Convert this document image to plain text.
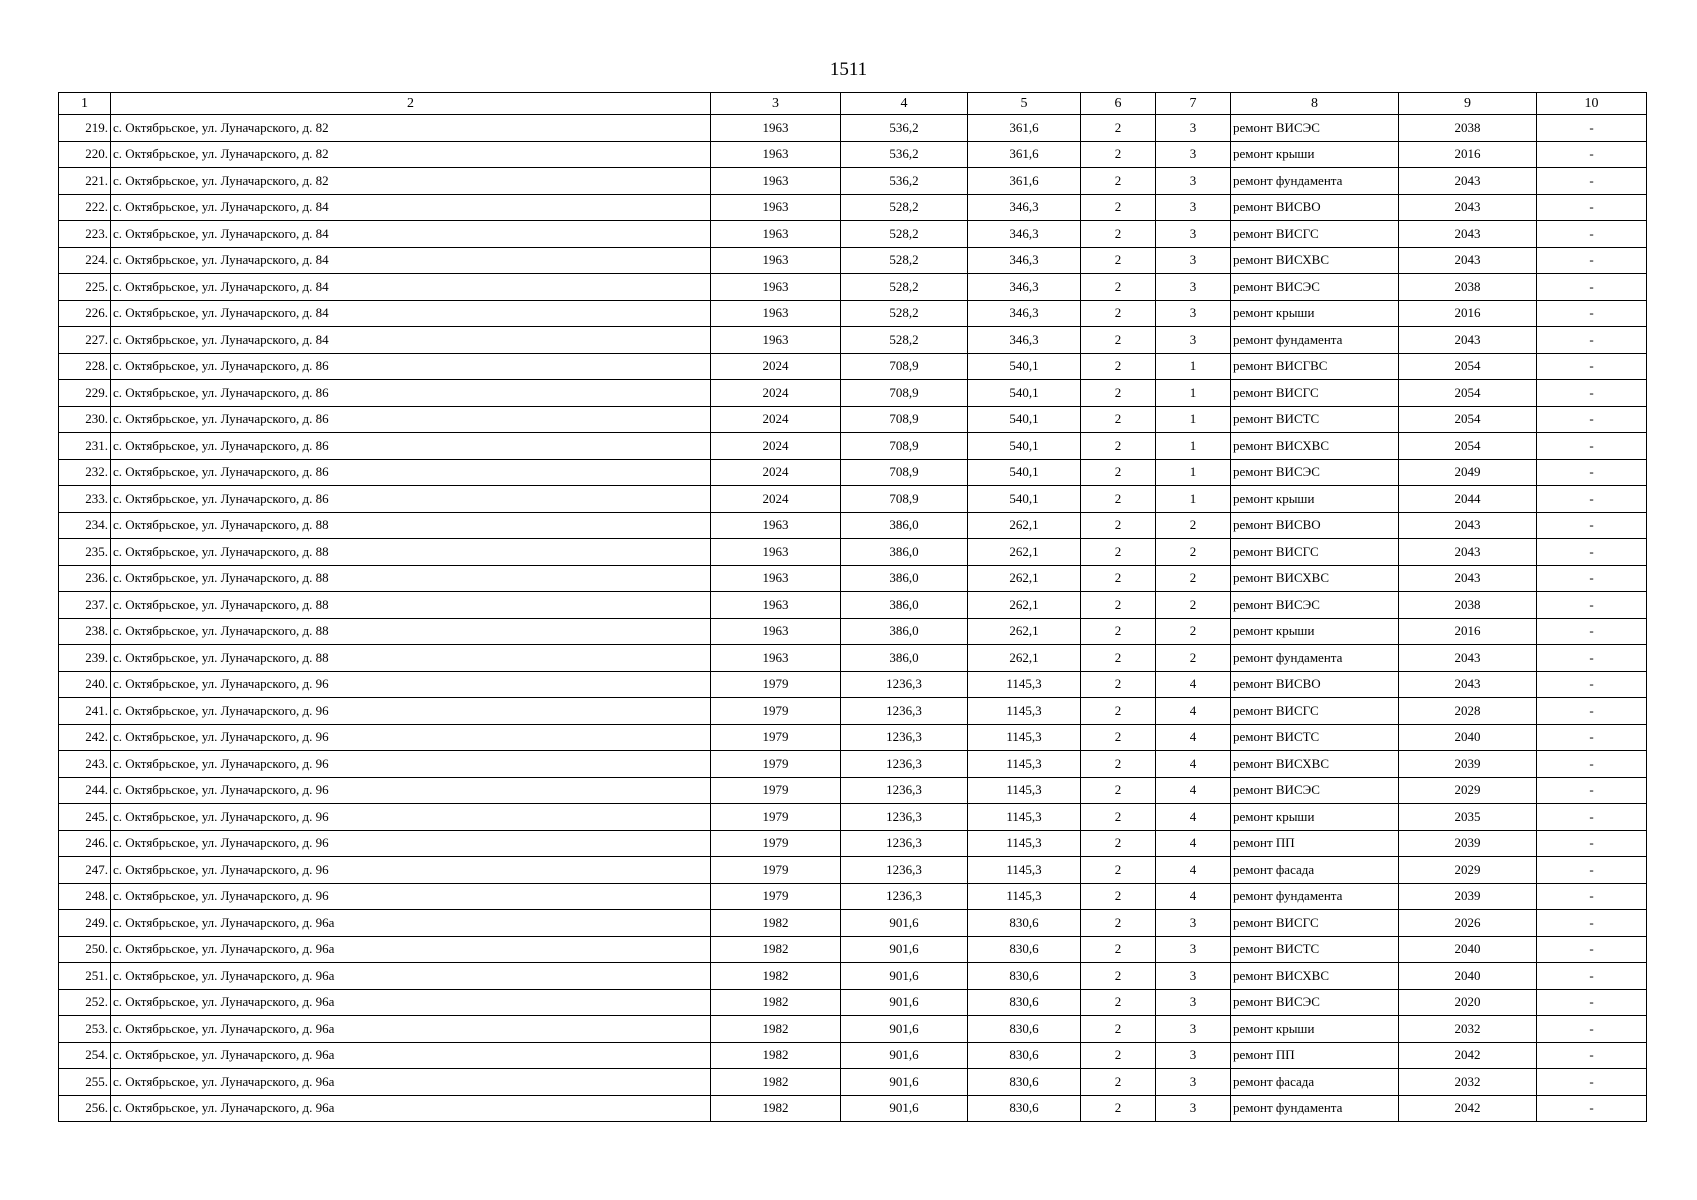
1511
1	2	3	4	5	6	7	8	9	10
219.	с. Октябрьское, ул. Луначарского, д. 82	1963	536,2	361,6	2	3	ремонт ВИСЭС	2038	-
220.	с. Октябрьское, ул. Луначарского, д. 82	1963	536,2	361,6	2	3	ремонт крыши	2016	-
221.	с. Октябрьское, ул. Луначарского, д. 82	1963	536,2	361,6	2	3	ремонт фундамента	2043	-
222.	с. Октябрьское, ул. Луначарского, д. 84	1963	528,2	346,3	2	3	ремонт ВИСВО	2043	-
223.	с. Октябрьское, ул. Луначарского, д. 84	1963	528,2	346,3	2	3	ремонт ВИСГС	2043	-
224.	с. Октябрьское, ул. Луначарского, д. 84	1963	528,2	346,3	2	3	ремонт ВИСХВС	2043	-
225.	с. Октябрьское, ул. Луначарского, д. 84	1963	528,2	346,3	2	3	ремонт ВИСЭС	2038	-
226.	с. Октябрьское, ул. Луначарского, д. 84	1963	528,2	346,3	2	3	ремонт крыши	2016	-
227.	с. Октябрьское, ул. Луначарского, д. 84	1963	528,2	346,3	2	3	ремонт фундамента	2043	-
228.	с. Октябрьское, ул. Луначарского, д. 86	2024	708,9	540,1	2	1	ремонт ВИСГВС	2054	-
229.	с. Октябрьское, ул. Луначарского, д. 86	2024	708,9	540,1	2	1	ремонт ВИСГС	2054	-
230.	с. Октябрьское, ул. Луначарского, д. 86	2024	708,9	540,1	2	1	ремонт ВИСТС	2054	-
231.	с. Октябрьское, ул. Луначарского, д. 86	2024	708,9	540,1	2	1	ремонт ВИСХВС	2054	-
232.	с. Октябрьское, ул. Луначарского, д. 86	2024	708,9	540,1	2	1	ремонт ВИСЭС	2049	-
233.	с. Октябрьское, ул. Луначарского, д. 86	2024	708,9	540,1	2	1	ремонт крыши	2044	-
234.	с. Октябрьское, ул. Луначарского, д. 88	1963	386,0	262,1	2	2	ремонт ВИСВО	2043	-
235.	с. Октябрьское, ул. Луначарского, д. 88	1963	386,0	262,1	2	2	ремонт ВИСГС	2043	-
236.	с. Октябрьское, ул. Луначарского, д. 88	1963	386,0	262,1	2	2	ремонт ВИСХВС	2043	-
237.	с. Октябрьское, ул. Луначарского, д. 88	1963	386,0	262,1	2	2	ремонт ВИСЭС	2038	-
238.	с. Октябрьское, ул. Луначарского, д. 88	1963	386,0	262,1	2	2	ремонт крыши	2016	-
239.	с. Октябрьское, ул. Луначарского, д. 88	1963	386,0	262,1	2	2	ремонт фундамента	2043	-
240.	с. Октябрьское, ул. Луначарского, д. 96	1979	1236,3	1145,3	2	4	ремонт ВИСВО	2043	-
241.	с. Октябрьское, ул. Луначарского, д. 96	1979	1236,3	1145,3	2	4	ремонт ВИСГС	2028	-
242.	с. Октябрьское, ул. Луначарского, д. 96	1979	1236,3	1145,3	2	4	ремонт ВИСТС	2040	-
243.	с. Октябрьское, ул. Луначарского, д. 96	1979	1236,3	1145,3	2	4	ремонт ВИСХВС	2039	-
244.	с. Октябрьское, ул. Луначарского, д. 96	1979	1236,3	1145,3	2	4	ремонт ВИСЭС	2029	-
245.	с. Октябрьское, ул. Луначарского, д. 96	1979	1236,3	1145,3	2	4	ремонт крыши	2035	-
246.	с. Октябрьское, ул. Луначарского, д. 96	1979	1236,3	1145,3	2	4	ремонт ПП	2039	-
247.	с. Октябрьское, ул. Луначарского, д. 96	1979	1236,3	1145,3	2	4	ремонт фасада	2029	-
248.	с. Октябрьское, ул. Луначарского, д. 96	1979	1236,3	1145,3	2	4	ремонт фундамента	2039	-
249.	с. Октябрьское, ул. Луначарского, д. 96а	1982	901,6	830,6	2	3	ремонт ВИСГС	2026	-
250.	с. Октябрьское, ул. Луначарского, д. 96а	1982	901,6	830,6	2	3	ремонт ВИСТС	2040	-
251.	с. Октябрьское, ул. Луначарского, д. 96а	1982	901,6	830,6	2	3	ремонт ВИСХВС	2040	-
252.	с. Октябрьское, ул. Луначарского, д. 96а	1982	901,6	830,6	2	3	ремонт ВИСЭС	2020	-
253.	с. Октябрьское, ул. Луначарского, д. 96а	1982	901,6	830,6	2	3	ремонт крыши	2032	-
254.	с. Октябрьское, ул. Луначарского, д. 96а	1982	901,6	830,6	2	3	ремонт ПП	2042	-
255.	с. Октябрьское, ул. Луначарского, д. 96а	1982	901,6	830,6	2	3	ремонт фасада	2032	-
256.	с. Октябрьское, ул. Луначарского, д. 96а	1982	901,6	830,6	2	3	ремонт фундамента	2042	-
